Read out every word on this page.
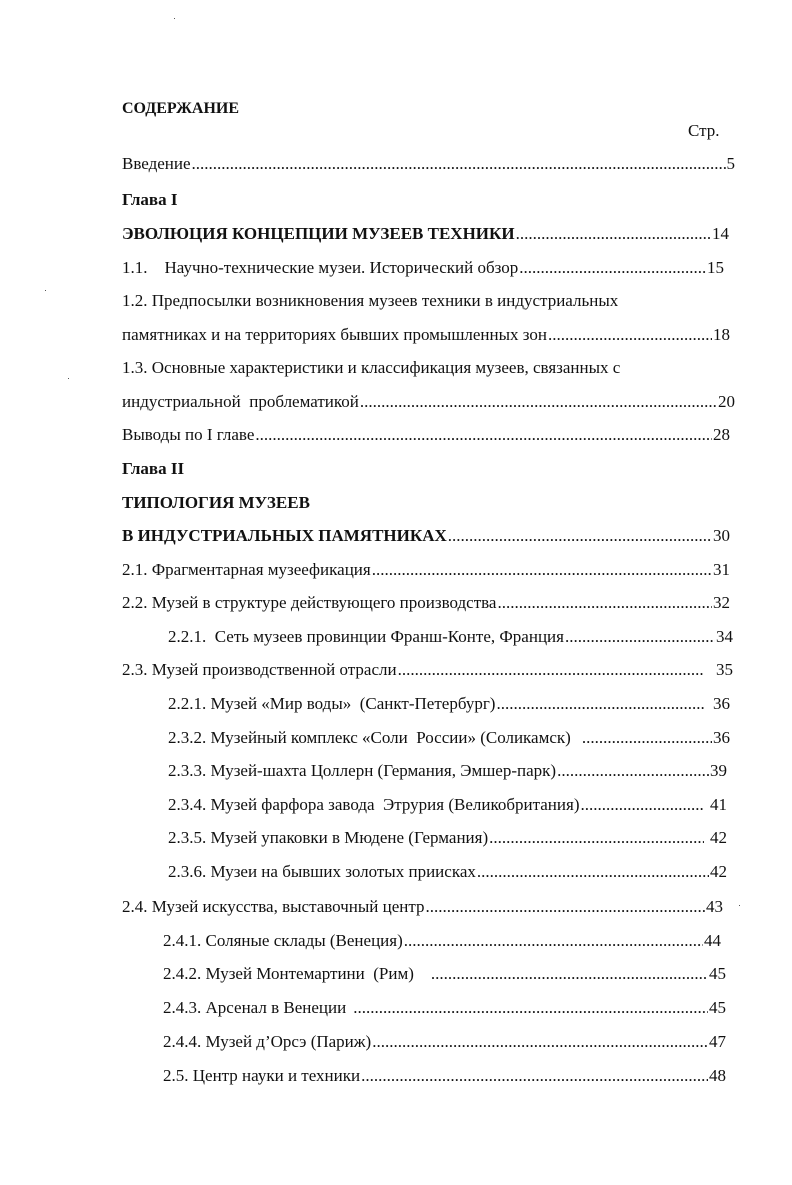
СОДЕРЖАНИЕ
Стр.
Введение .....	5
Глава I
ЭВОЛЮЦИЯ КОНЦЕПЦИИ МУЗЕЕВ ТЕХНИКИ .....	14
1.1.    Научно-технические музеи. Исторический обзор .....	15
1.2. Предпосылки возникновения музеев техники в индустриальных
памятниках и на территориях бывших промышленных зон .....	18
1.3. Основные характеристики и классификация музеев, связанных с
индустриальной  проблематикой .....	20
Выводы по I главе .....	28
Глава II
ТИПОЛОГИЯ МУЗЕЕВ
В ИНДУСТРИАЛЬНЫХ ПАМЯТНИКАХ .....	30
2.1. Фрагментарная музеефикация .....	31
2.2. Музей в структуре действующего производства .....	32
2.2.1.  Сеть музеев провинции Франш-Конте, Франция .....	34
2.3. Музей производственной отрасли .....	35
2.2.1. Музей «Мир воды»  (Санкт-Петербург) .....	36
2.3.2. Музейный комплекс «Соли  России» (Соликамск) .....	36
2.3.3. Музей-шахта Цоллерн (Германия, Эмшер-парк) .....	39
2.3.4. Музей фарфора завода  Этрурия (Великобритания) .....	41
2.3.5. Музей упаковки в Мюдене (Германия) .....	42
2.3.6. Музеи на бывших золотых приисках .....	42
2.4. Музей искусства, выставочный центр .....	43
2.4.1. Соляные склады (Венеция) .....	44
2.4.2. Музей Монтемартини  (Рим) .....	45
2.4.3. Арсенал в Венеции .....	45
2.4.4. Музей д’Орсэ (Париж) .....	47
2.5. Центр науки и техники .....	48
